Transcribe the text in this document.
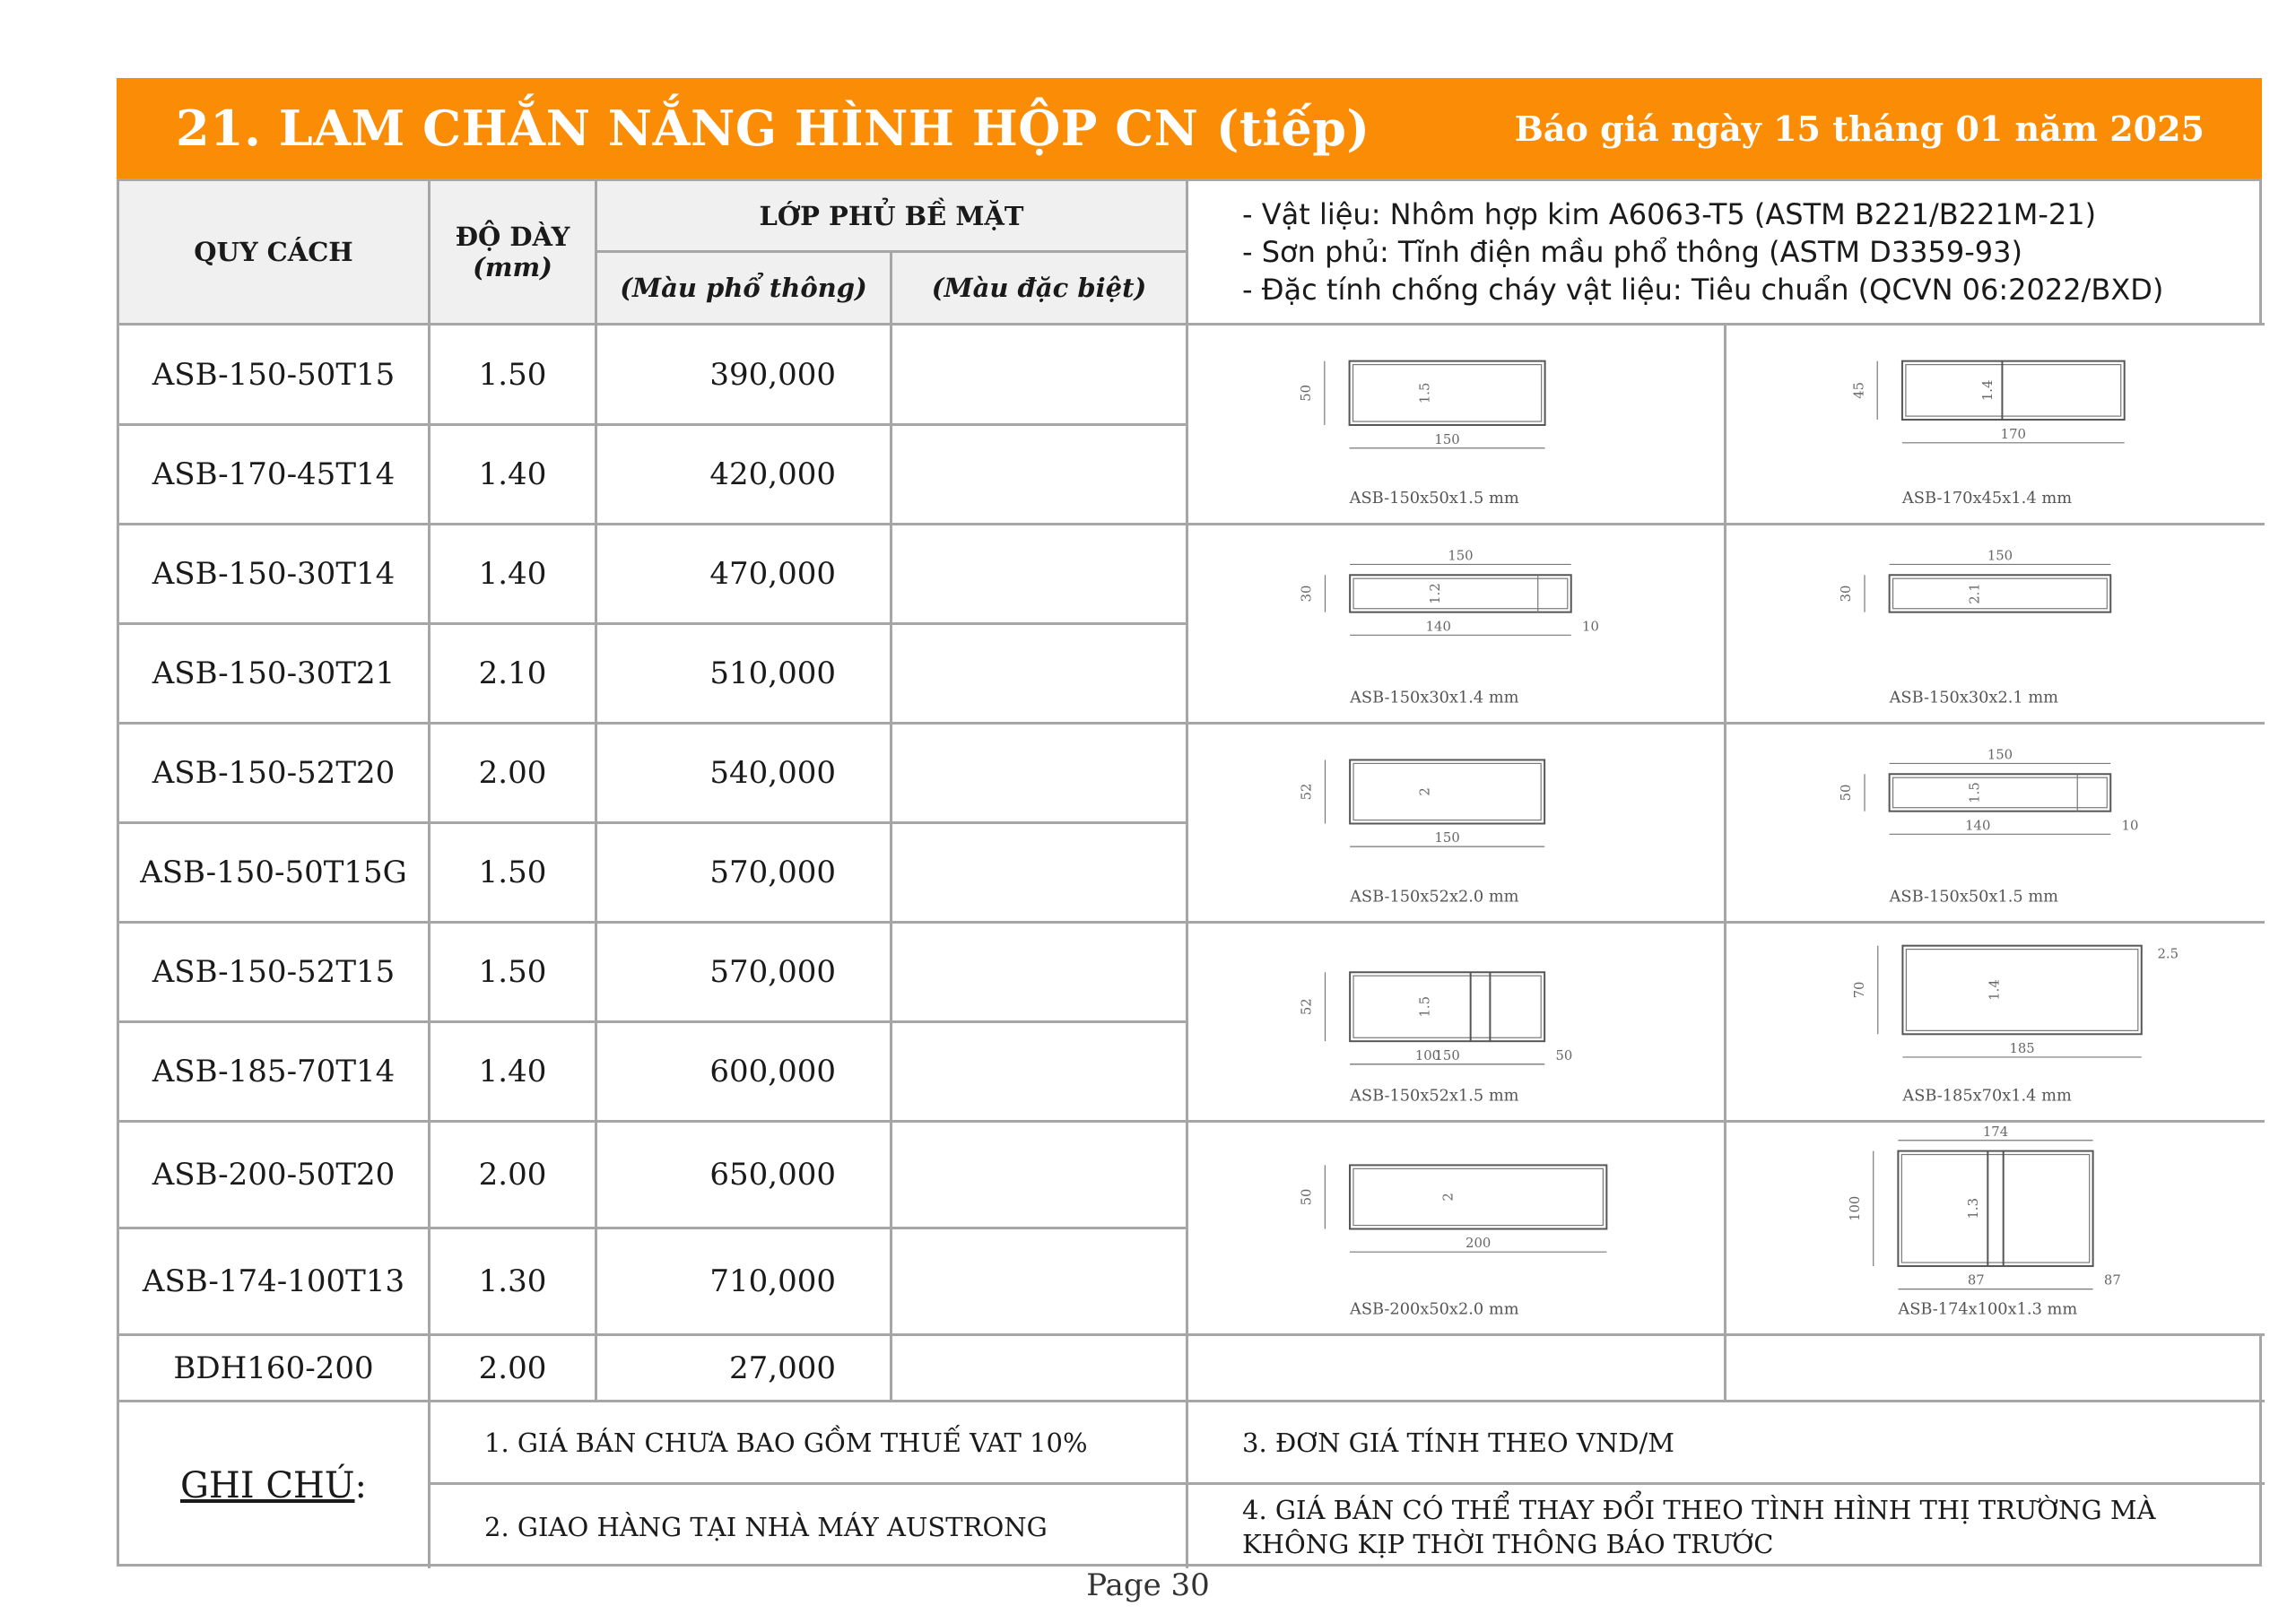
21. LAM CHẮN NẮNG HÌNH HỘP CN (tiếp)	Báo giá ngày 15 tháng 01 năm 2025
QUY CÁCH	ĐỘ DÀY
(mm)
LỚP PHỦ BỀ MẶT
(Màu phổ thông)	(Màu đặc biệt)
- Vật liệu: Nhôm hợp kim A6063-T5 (ASTM B221/B221M-21)
- Sơn phủ: Tĩnh điện mầu phổ thông (ASTM D3359-93)
- Đặc tính chống cháy vật liệu: Tiêu chuẩn (QCVN 06:2022/BXD)
ASB-150-50T15	1.50	390,000
ASB-170-45T14	1.40	420,000
ASB-150-30T14	1.40	470,000
ASB-150-30T21	2.10	510,000
ASB-150-52T20	2.00	540,000
ASB-150-50T15G	1.50	570,000
ASB-150-52T15	1.50	570,000
ASB-185-70T14	1.40	600,000
ASB-200-50T20	2.00	650,000
ASB-174-100T13	1.30	710,000
BDH160-200	2.00	27,000
50
150
1.5
ASB-150x50x1.5 mm
45
170
1.4
ASB-170x45x1.4 mm
30
150
1.2
140	10
ASB-150x30x1.4 mm
30
150
2.1
ASB-150x30x2.1 mm
52
150
2
ASB-150x52x2.0 mm
50
150
1.5
140	10
ASB-150x50x1.5 mm
52
150
1.5
100	50
ASB-150x52x1.5 mm
70
185
1.4
2.5
ASB-185x70x1.4 mm
50
200
2
ASB-200x50x2.0 mm
100
174
1.3
87	87
ASB-174x100x1.3 mm
GHI CHÚ :
1. GIÁ BÁN CHƯA BAO GỒM THUẾ VAT 10%	3. ĐƠN GIÁ TÍNH THEO VND/M
2. GIAO HÀNG TẠI NHÀ MÁY AUSTRONG
4. GIÁ BÁN CÓ THỂ THAY ĐỔI THEO TÌNH HÌNH THỊ TRƯỜNG MÀ KHÔNG KỊP THỜI THÔNG BÁO TRƯỚC
Page 30
